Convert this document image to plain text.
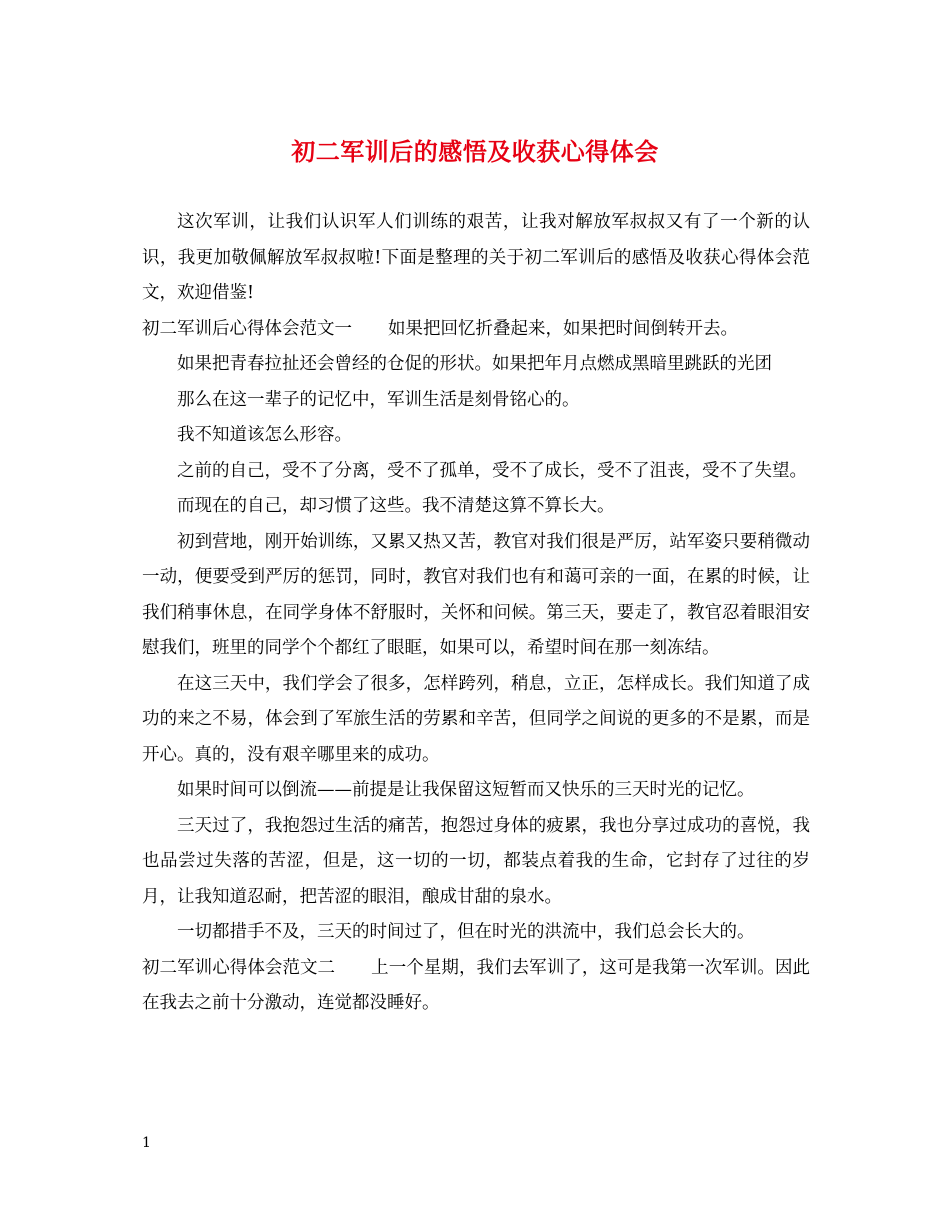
初二军训后的感悟及收获心得体会

这次军训，让我们认识军人们训练的艰苦，让我对解放军叔叔又有了一个新的认识，我更加敬佩解放军叔叔啦!下面是整理的关于初二军训后的感悟及收获心得体会范文，欢迎借鉴!

初二军训后心得体会范文一 如果把回忆折叠起来，如果把时间倒转开去。

如果把青春拉扯还会曾经的仓促的形状。如果把年月点燃成黑暗里跳跃的光团

那么在这一辈子的记忆中，军训生活是刻骨铭心的。

我不知道该怎么形容。

之前的自己，受不了分离，受不了孤单，受不了成长，受不了沮丧，受不了失望。

而现在的自己，却习惯了这些。我不清楚这算不算长大。

初到营地，刚开始训练，又累又热又苦，教官对我们很是严厉，站军姿只要稍微动一动，便要受到严厉的惩罚，同时，教官对我们也有和蔼可亲的一面，在累的时候，让我们稍事休息，在同学身体不舒服时，关怀和问候。第三天，要走了，教官忍着眼泪安慰我们，班里的同学个个都红了眼眶，如果可以，希望时间在那一刻冻结。

在这三天中，我们学会了很多，怎样跨列，稍息，立正，怎样成长。我们知道了成功的来之不易，体会到了军旅生活的劳累和辛苦，但同学之间说的更多的不是累，而是开心。真的，没有艰辛哪里来的成功。

如果时间可以倒流——前提是让我保留这短暂而又快乐的三天时光的记忆。

三天过了，我抱怨过生活的痛苦，抱怨过身体的疲累，我也分享过成功的喜悦，我也品尝过失落的苦涩，但是，这一切的一切，都装点着我的生命，它封存了过往的岁月，让我知道忍耐，把苦涩的眼泪，酿成甘甜的泉水。

一切都措手不及，三天的时间过了，但在时光的洪流中，我们总会长大的。

初二军训心得体会范文二 上一个星期，我们去军训了，这可是我第一次军训。因此在我去之前十分激动，连觉都没睡好。

1
